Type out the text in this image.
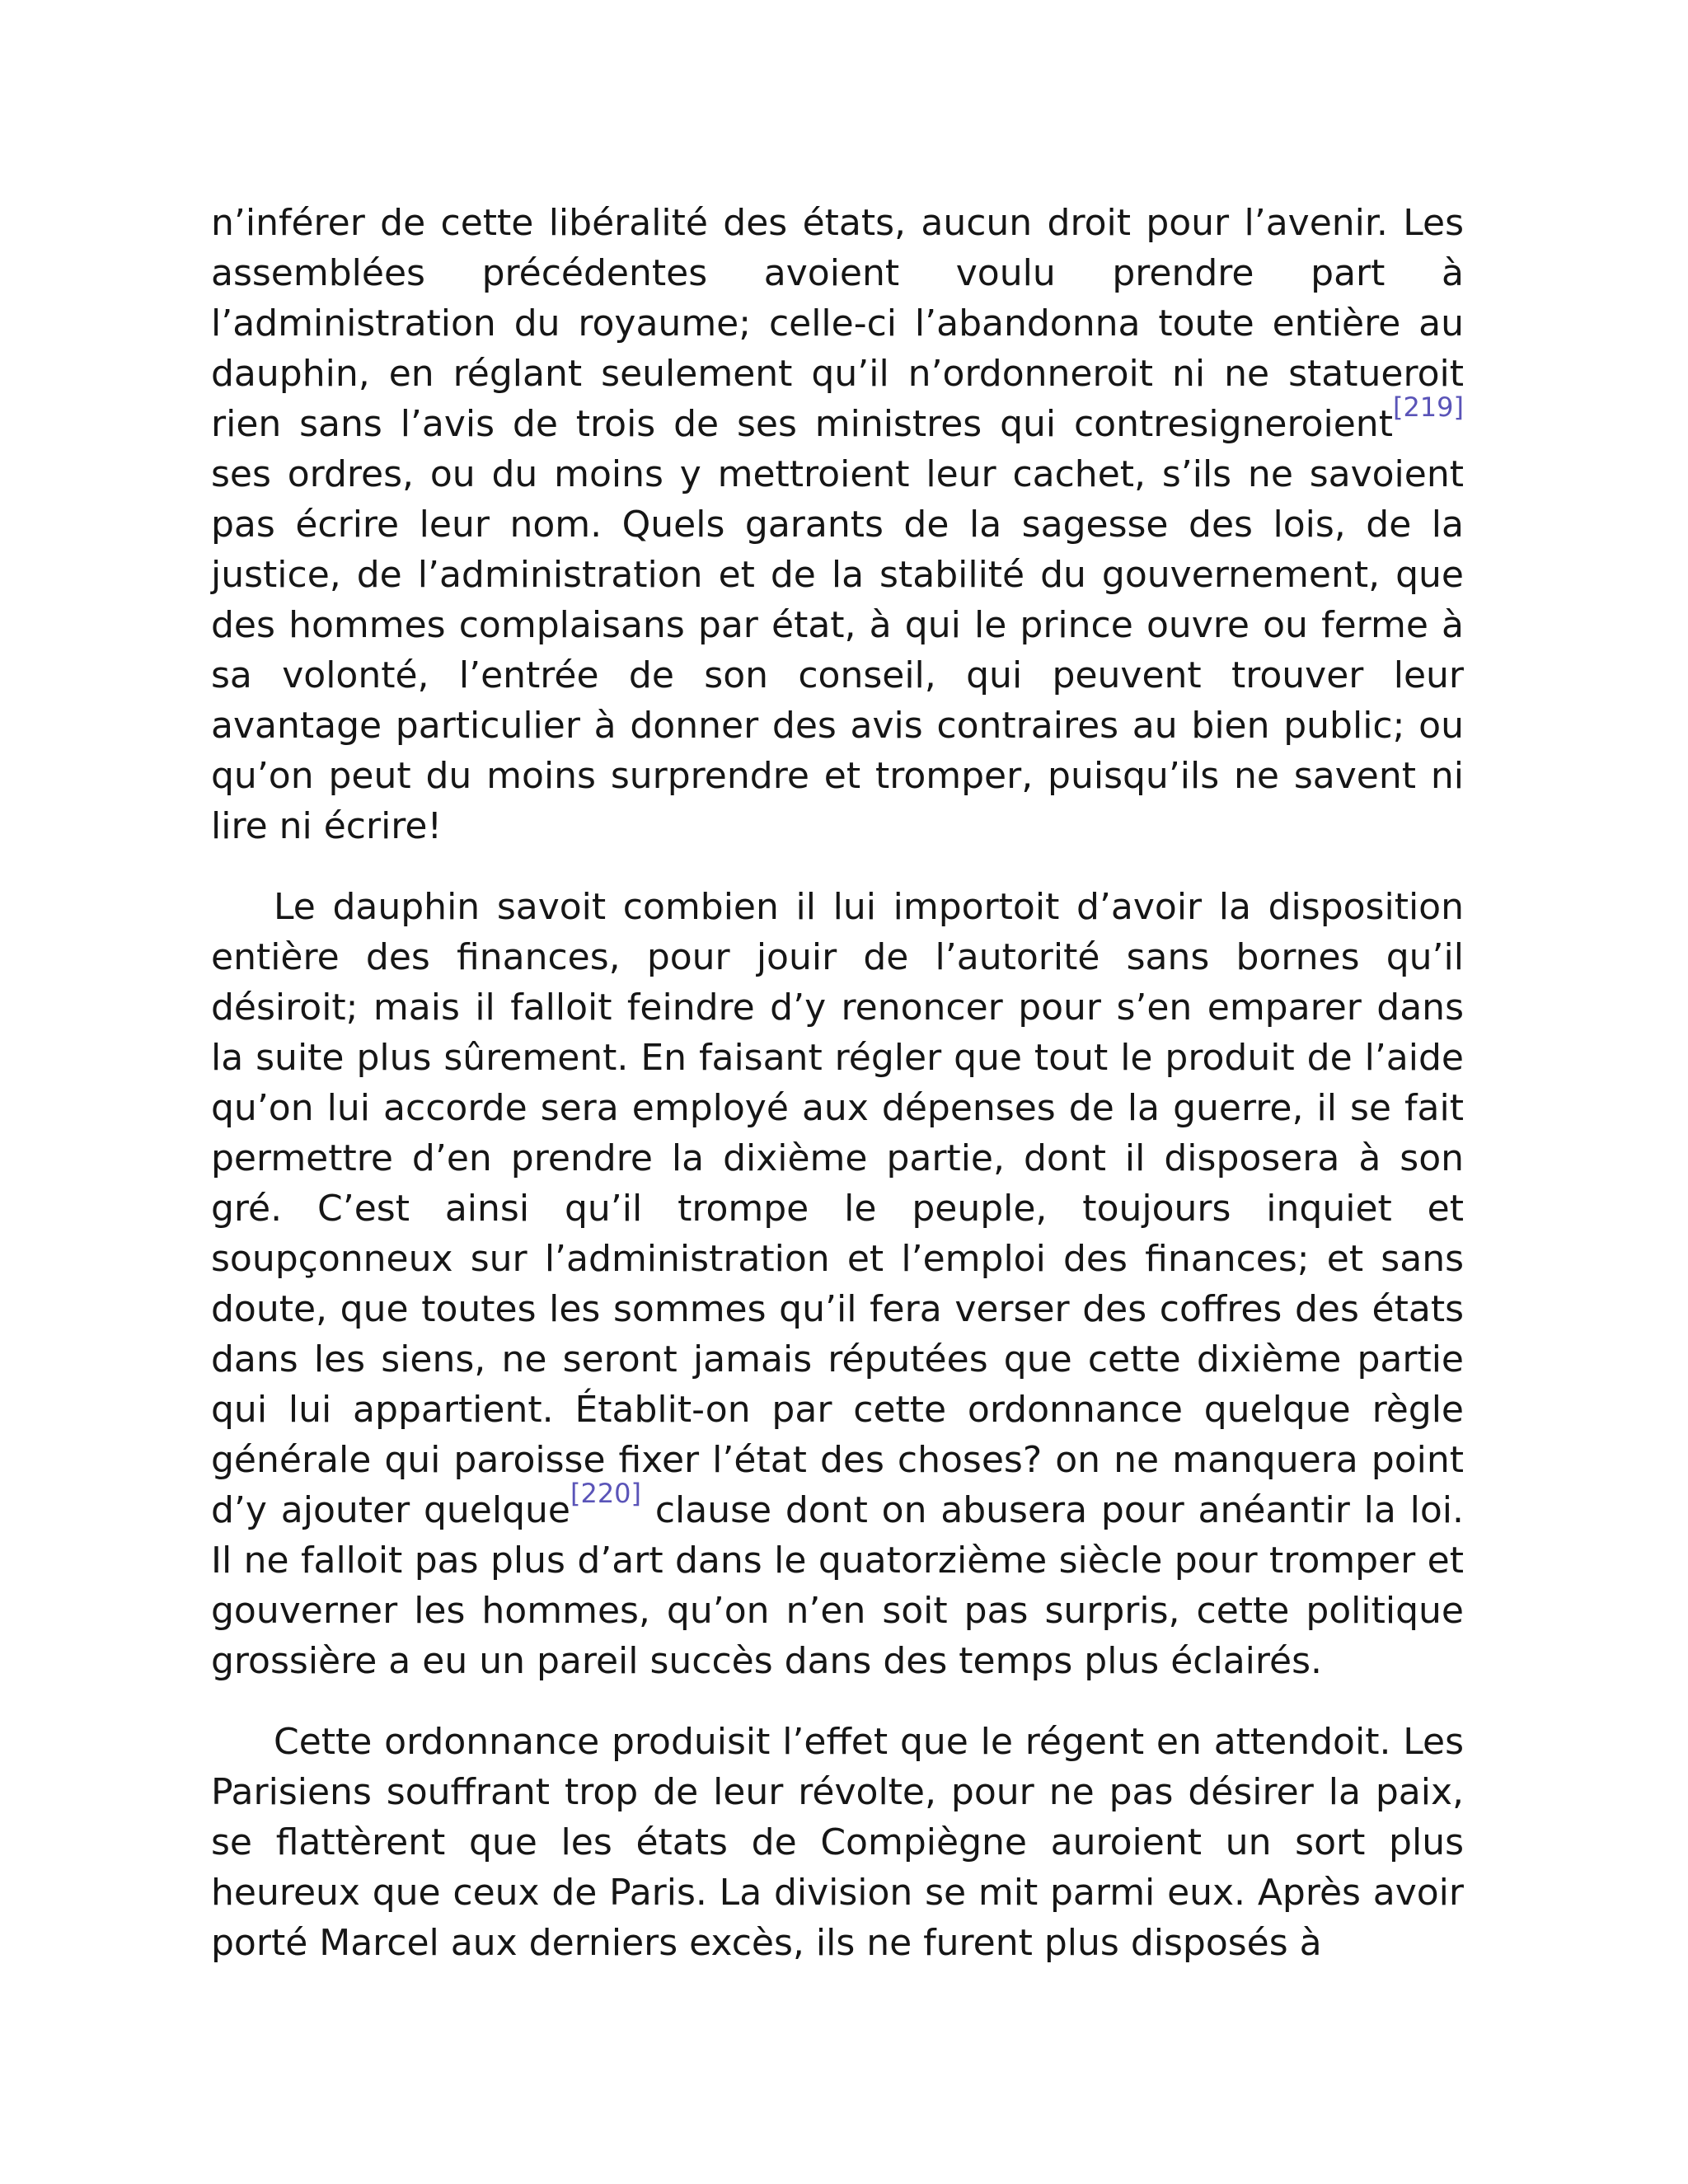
n’inférer de cette libéralité des états, aucun droit pour l’avenir. Les assemblées précédentes avoient voulu prendre part à l’administration du royaume; celle-ci l’abandonna toute entière au dauphin, en réglant seulement qu’il n’ordonneroit ni ne statueroit rien sans l’avis de trois de ses ministres qui contresigneroient[219] ses ordres, ou du moins y mettroient leur cachet, s’ils ne savoient pas écrire leur nom. Quels garants de la sagesse des lois, de la justice, de l’administration et de la stabilité du gouvernement, que des hommes complaisans par état, à qui le prince ouvre ou ferme à sa volonté, l’entrée de son conseil, qui peuvent trouver leur avantage particulier à donner des avis contraires au bien public; ou qu’on peut du moins surprendre et tromper, puisqu’ils ne savent ni lire ni écrire!

Le dauphin savoit combien il lui importoit d’avoir la disposition entière des finances, pour jouir de l’autorité sans bornes qu’il désiroit; mais il falloit feindre d’y renoncer pour s’en emparer dans la suite plus sûrement. En faisant régler que tout le produit de l’aide qu’on lui accorde sera employé aux dépenses de la guerre, il se fait permettre d’en prendre la dixième partie, dont il disposera à son gré. C’est ainsi qu’il trompe le peuple, toujours inquiet et soupçonneux sur l’administration et l’emploi des finances; et sans doute, que toutes les sommes qu’il fera verser des coffres des états dans les siens, ne seront jamais réputées que cette dixième partie qui lui appartient. Établit-on par cette ordonnance quelque règle générale qui paroisse fixer l’état des choses? on ne manquera point d’y ajouter quelque[220] clause dont on abusera pour anéantir la loi. Il ne falloit pas plus d’art dans le quatorzième siècle pour tromper et gouverner les hommes, qu’on n’en soit pas surpris, cette politique grossière a eu un pareil succès dans des temps plus éclairés.

Cette ordonnance produisit l’effet que le régent en attendoit. Les Parisiens souffrant trop de leur révolte, pour ne pas désirer la paix, se flattèrent que les états de Compiègne auroient un sort plus heureux que ceux de Paris. La division se mit parmi eux. Après avoir porté Marcel aux derniers excès, ils ne furent plus disposés à
